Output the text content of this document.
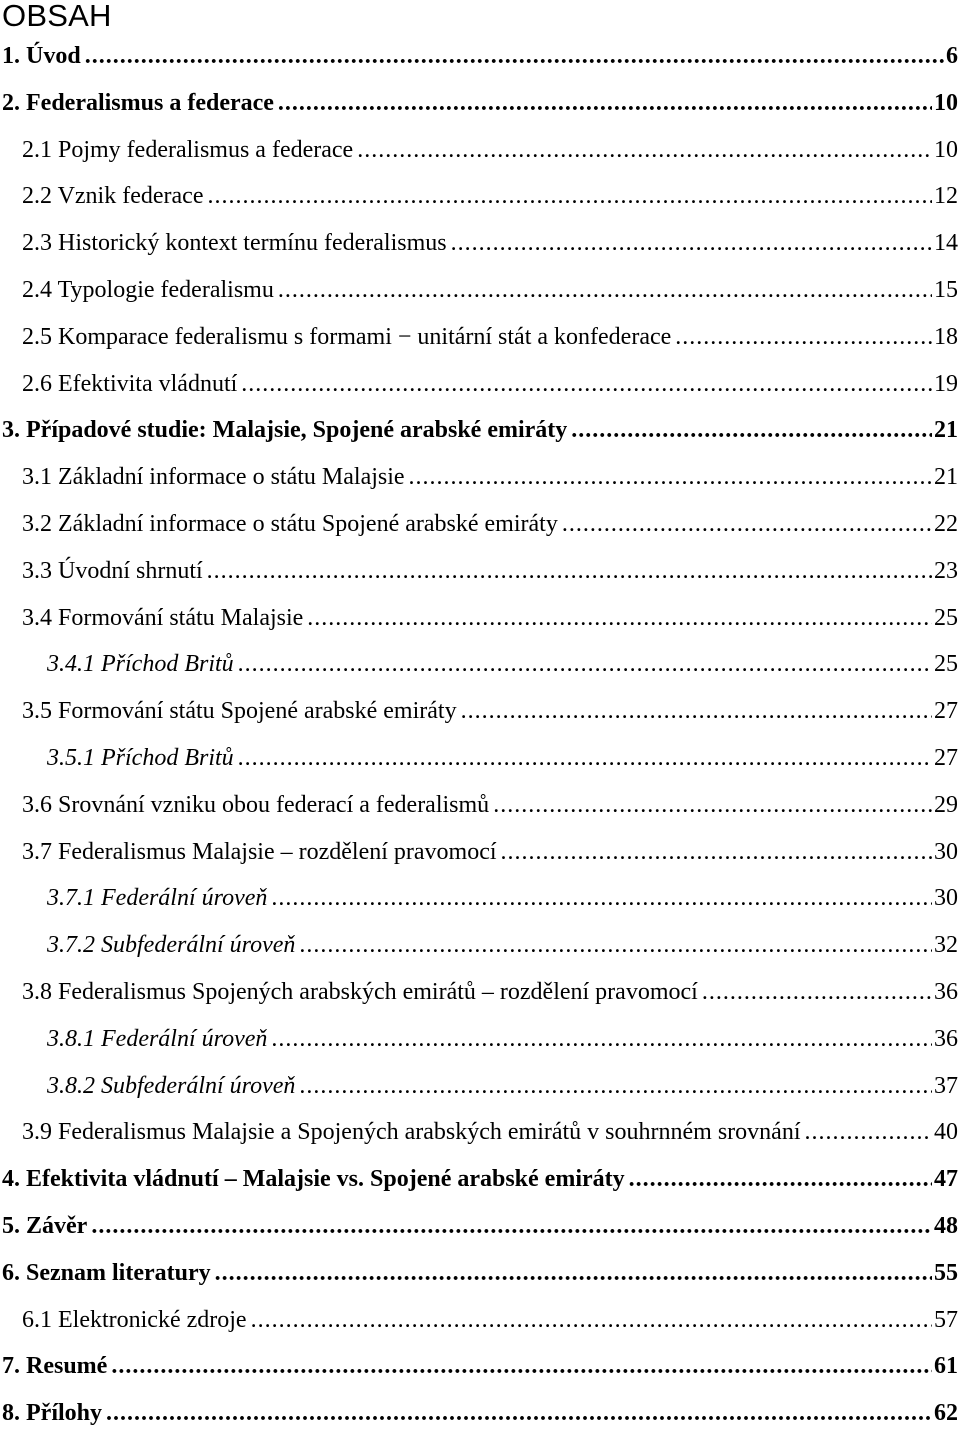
OBSAH
1. Úvod .....	6
2. Federalismus a federace .....	10
2.1 Pojmy federalismus a federace .....	10
2.2 Vznik federace .....	12
2.3 Historický kontext termínu federalismus .....	14
2.4 Typologie federalismu .....	15
2.5 Komparace federalismu s formami − unitární stát a konfederace .....	18
2.6 Efektivita vládnutí .....	19
3. Případové studie: Malajsie, Spojené arabské emiráty .....	21
3.1 Základní informace o státu Malajsie .....	21
3.2 Základní informace o státu Spojené arabské emiráty .....	22
3.3 Úvodní shrnutí .....	23
3.4 Formování státu Malajsie .....	25
3.4.1 Příchod Britů .....	25
3.5 Formování státu Spojené arabské emiráty .....	27
3.5.1 Příchod Britů .....	27
3.6 Srovnání vzniku obou federací a federalismů .....	29
3.7 Federalismus Malajsie – rozdělení pravomocí .....	30
3.7.1 Federální úroveň .....	30
3.7.2 Subfederální úroveň .....	32
3.8 Federalismus Spojených arabských emirátů – rozdělení pravomocí .....	36
3.8.1 Federální úroveň .....	36
3.8.2 Subfederální úroveň .....	37
3.9 Federalismus Malajsie a Spojených arabských emirátů v souhrnném srovnání .....	40
4. Efektivita vládnutí – Malajsie vs. Spojené arabské emiráty .....	47
5. Závěr .....	48
6. Seznam literatury .....	55
6.1 Elektronické zdroje .....	57
7. Resumé .....	61
8. Přílohy .....	62
